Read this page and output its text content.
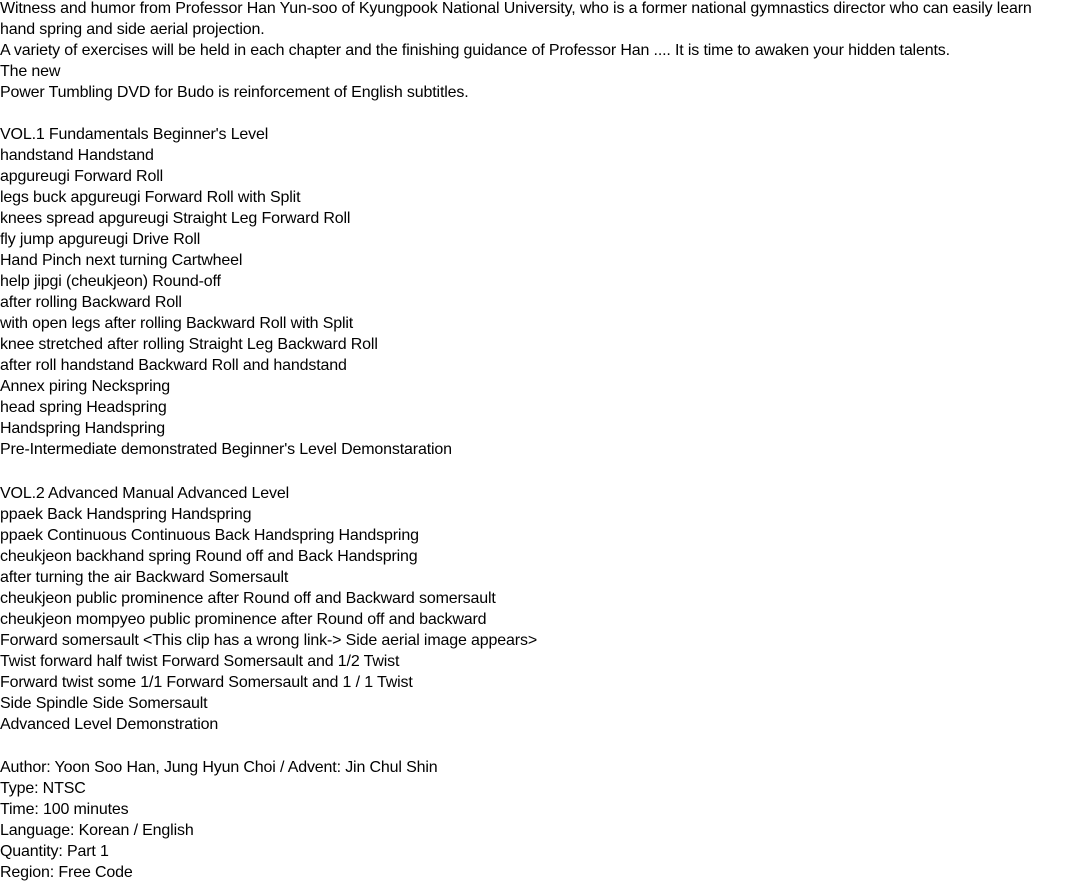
Witness and humor from Professor Han Yun-soo of Kyungpook National University, who is a former national gymnastics director who can easily learn
hand spring and side aerial projection.
A variety of exercises will be held in each chapter and the finishing guidance of Professor Han .... It is time to awaken your hidden talents.
The new
Power Tumbling DVD for Budo is reinforcement of English subtitles.
VOL.1 Fundamentals Beginner's Level
handstand Handstand
apgureugi Forward Roll
legs buck apgureugi Forward Roll with Split
knees spread apgureugi Straight Leg Forward Roll
fly jump apgureugi Drive Roll
Hand Pinch next turning Cartwheel
help jipgi (cheukjeon) Round-off
after rolling Backward Roll
with open legs after rolling Backward Roll with Split
knee stretched after rolling Straight Leg Backward Roll
after roll handstand Backward Roll and handstand
Annex piring Neckspring
head spring Headspring
Handspring Handspring
Pre-Intermediate demonstrated Beginner's Level Demonstaration
VOL.2 Advanced Manual Advanced Level
ppaek Back Handspring Handspring
ppaek Continuous Continuous Back Handspring Handspring
cheukjeon backhand spring Round off and Back Handspring
after turning the air Backward Somersault
cheukjeon public prominence after Round off and Backward somersault
cheukjeon mompyeo public prominence after Round off and backward
Forward somersault <This clip has a wrong link-> Side aerial image appears>
Twist forward half twist Forward Somersault and 1/2 Twist
Forward twist some 1/1 Forward Somersault and 1 / 1 Twist
Side Spindle Side Somersault
Advanced Level Demonstration
Author: Yoon Soo Han, Jung Hyun Choi / Advent: Jin Chul Shin
Type: NTSC
Time: 100 minutes
Language: Korean / English
Quantity: Part 1
Region: Free Code
